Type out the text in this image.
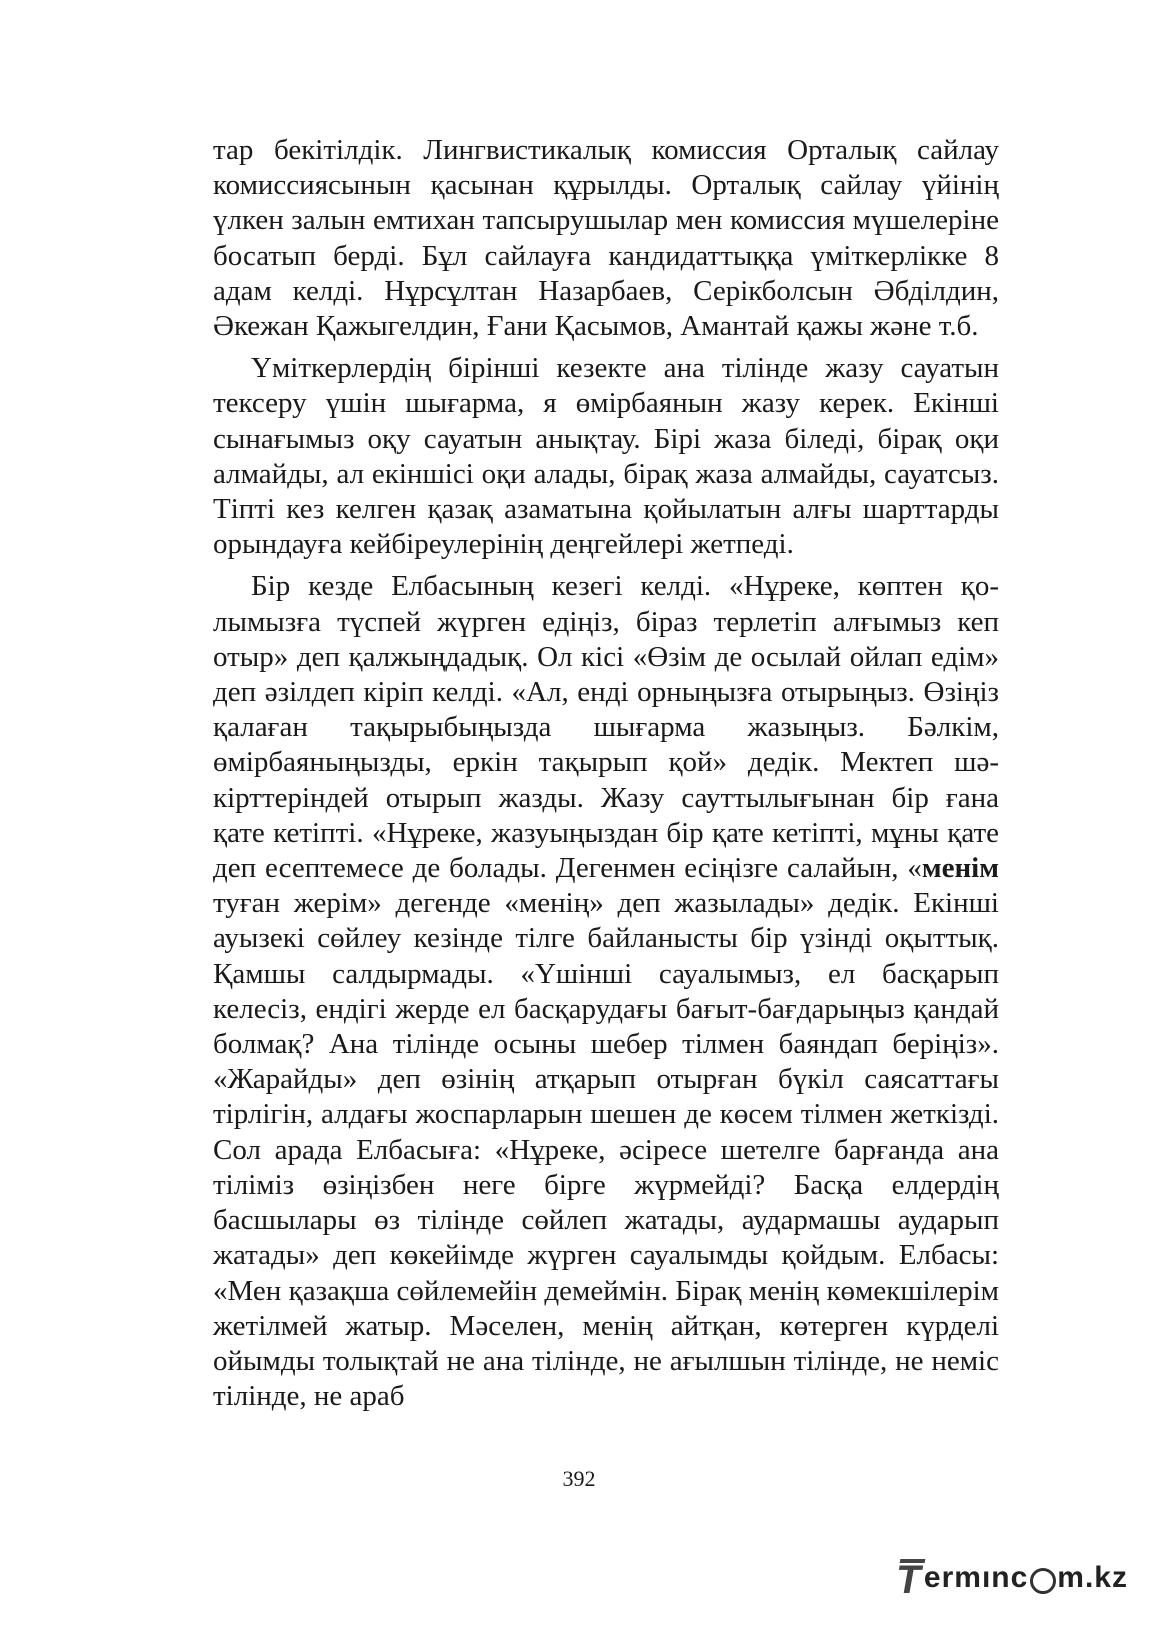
тар бекітілдік. Лингвистикалық комиссия Орталық сайлау комиссиясынын қасынан құрылды. Орталық сайлау үйінің үлкен залын емтихан тапсырушылар мен комиссия мүшелеріне босатып берді. Бұл сайлауға кандидаттыққа үміткерлікке 8 адам келді. Нұрсұлтан Назарбаев, Серікболсын Әбділдин, Әкежан Қажыгелдин, Ғани Қасымов, Амантай қажы және т.б.

Үміткерлердің бірінші кезекте ана тілінде жазу сауатын тексеру үшін шығарма, я өмірбаянын жазу керек. Екінші сынағымыз оқу сауатын анықтау. Бірі жаза біледі, бірақ оқи алмайды, ал екіншісі оқи алады, бірақ жаза алмайды, сауатсыз. Тіпті кез келген қазақ азаматына қойылатын алғы шарттарды орындауға кейбіреулерінің деңгейлері жетпеді.

Бір кезде Елбасының кезегі келді. «Нұреке, көптен қолымызға түспей жүрген едіңіз, біраз терлетіп алғымыз кеп отыр» деп қалжыңдадық. Ол кісі «Өзім де осылай ойлап едім» деп әзілдеп кіріп келді. «Ал, енді орныңызға отырыңыз. Өзіңіз қалаған тақырыбыңызда шығарма жазыңыз. Бәлкім, өмірбаяныңызды, еркін тақырып қой» дедік. Мектеп шәкірттеріндей отырып жазды. Жазу сауттылығынан бір ғана қате кетіпті. «Нұреке, жазуыңыздан бір қате кетіпті, мұны қате деп есептемесе де болады. Дегенмен есіңізге салайын, «менім туған жерім» дегенде «менің» деп жазылады» дедік. Екінші ауызекі сөйлеу кезінде тілге байланысты бір үзінді оқыттық. Қамшы салдырмады. «Үшінші сауалымыз, ел басқарып келесіз, ендігі жерде ел басқарудағы бағыт-бағдарыңыз қандай болмақ? Ана тілінде осыны шебер тілмен баяндап беріңіз». «Жарайды» деп өзінің атқарып отырған бүкіл саясаттағы тірлігін, алдағы жоспарларын шешен де көсем тілмен жеткізді. Сол арада Елбасыға: «Нұреке, әсіресе шетелге барғанда ана тіліміз өзіңізбен неге бірге жүрмейді? Басқа елдердің басшылары өз тілінде сөйлеп жатады, аудармашы аударып жатады» деп көкейімде жүрген сауалымды қойдым. Елбасы: «Мен қазақша сөйлемейін демеймін. Бірақ менің көмекшілерім жетілмей жатыр. Мәселен, менің айтқан, көтерген күрделі ойымды толықтай не ана тілінде, не ағылшын тілінде, не неміс тілінде, не араб

392
T
ermınc m.kz
